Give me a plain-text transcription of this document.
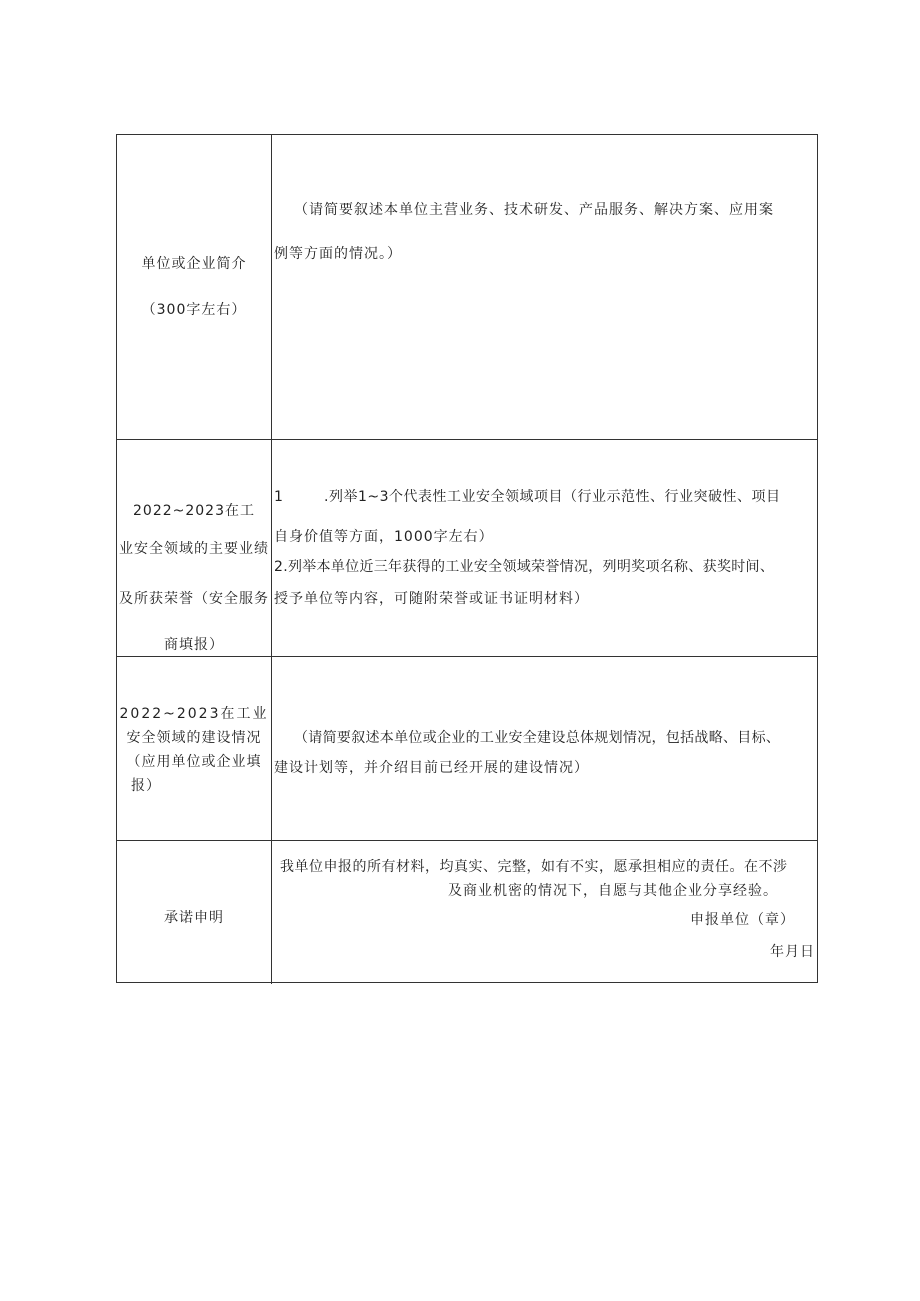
单位或企业简介
（300字左右）
（请简要叙述本单位主营业务、技术研发、产品服务、解决方案、应用案
例等方面的情况。）
2022~2023在工
业安全领域的主要业绩
及所获荣誉（安全服务
商填报）
1	.列举1~3个代表性工业安全领域项目（行业示范性、行业突破性、项目
自身价值等方面，1000字左右）
2.列举本单位近三年获得的工业安全领域荣誉情况，列明奖项名称、获奖时间、
授予单位等内容，可随附荣誉或证书证明材料）
2022~2023在工业
安全领域的建设情况
（应用单位或企业填
报）
（请简要叙述本单位或企业的工业安全建设总体规划情况，包括战略、目标、
建设计划等，并介绍目前已经开展的建设情况）
承诺申明
我单位申报的所有材料，均真实、完整，如有不实，愿承担相应的责任。在不涉
及商业机密的情况下，自愿与其他企业分享经验。
申报单位（章）
年月日
